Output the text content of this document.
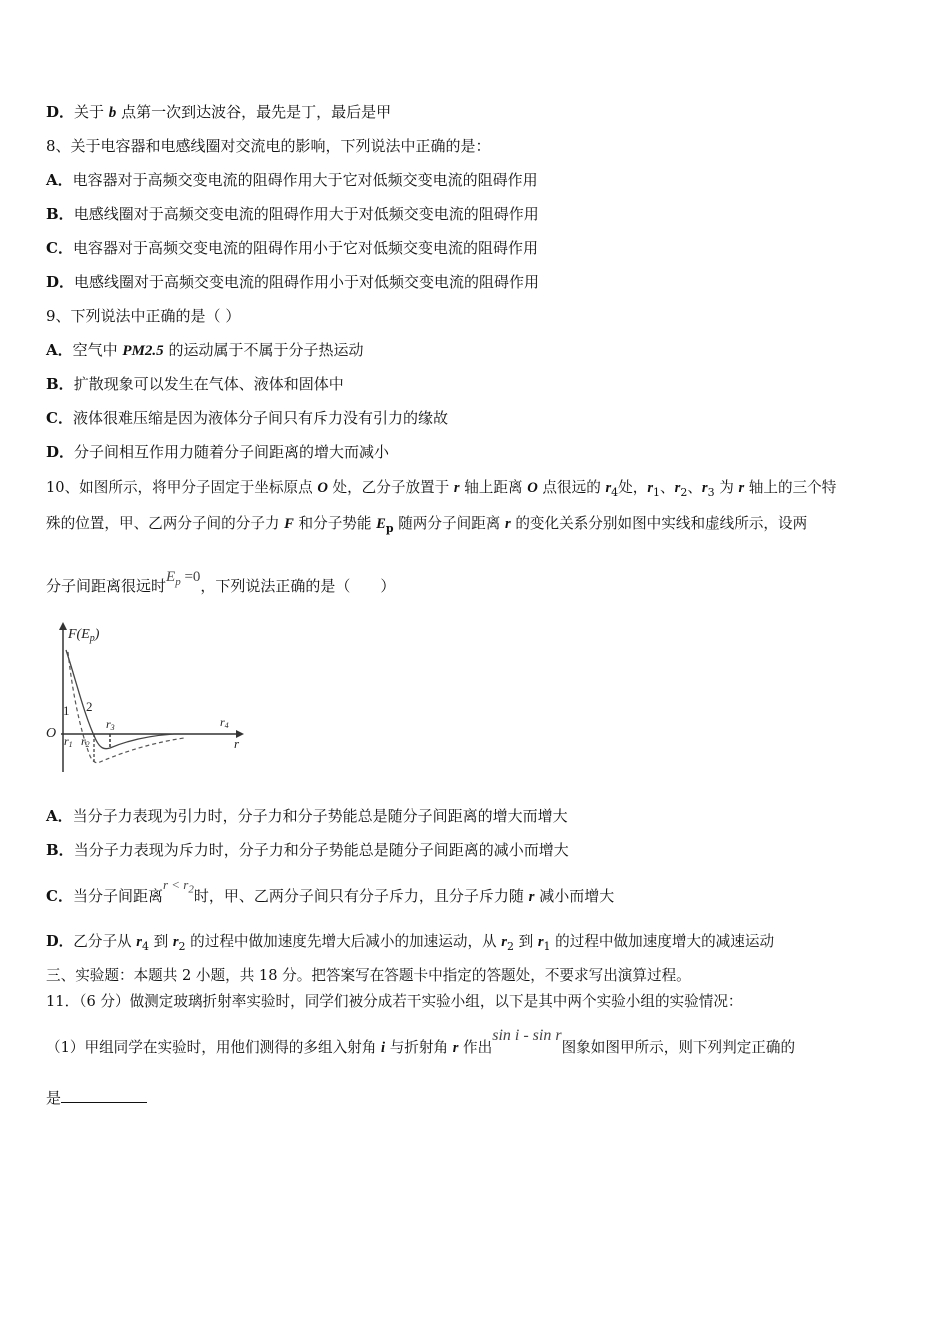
D．关于 b 点第一次到达波谷，最先是丁，最后是甲
8、关于电容器和电感线圈对交流电的影响，下列说法中正确的是：
A．电容器对于高频交变电流的阻碍作用大于它对低频交变电流的阻碍作用
B．电感线圈对于高频交变电流的阻碍作用大于对低频交变电流的阻碍作用
C．电容器对于高频交变电流的阻碍作用小于它对低频交变电流的阻碍作用
D．电感线圈对于高频交变电流的阻碍作用小于对低频交变电流的阻碍作用
9、下列说法中正确的是（ ）
A．空气中 PM2.5 的运动属于不属于分子热运动
B．扩散现象可以发生在气体、液体和固体中
C．液体很难压缩是因为液体分子间只有斥力没有引力的缘故
D．分子间相互作用力随着分子间距离的增大而减小
10、如图所示，将甲分子固定于坐标原点 O 处，乙分子放置于 r 轴上距离 O 点很远的 $r_4$处，$r_1$、$r_2$、$r_3$ 为 r 轴上的三个特
殊的位置，甲、乙两分子间的分子力 F 和分子势能 $E_p$ 随两分子间距离 r 的变化关系分别如图中实线和虚线所示，设两
分子间距离很远时$E_p =0$，下列说法正确的是（　　）
$F(E_p)$
O
r
1 2
r1 r2
r3	r4
A．当分子力表现为引力时，分子力和分子势能总是随分子间距离的增大而增大
B．当分子力表现为斥力时，分子力和分子势能总是随分子间距离的减小而增大
C．当分子间距离$r < r_2$时，甲、乙两分子间只有分子斥力，且分子斥力随 r 减小而增大
D．乙分子从 $r_4$ 到 $r_2$ 的过程中做加速度先增大后减小的加速运动，从 $r_2$ 到 $r_1$ 的过程中做加速度增大的减速运动
三、实验题：本题共 2 小题，共 18 分。把答案写在答题卡中指定的答题处，不要求写出演算过程。
11．（6 分）做测定玻璃折射率实验时，同学们被分成若干实验小组，以下是其中两个实验小组的实验情况：
（1）甲组同学在实验时，用他们测得的多组入射角 i 与折射角 r 作出sin i - sin r图象如图甲所示，则下列判定正确的
是
